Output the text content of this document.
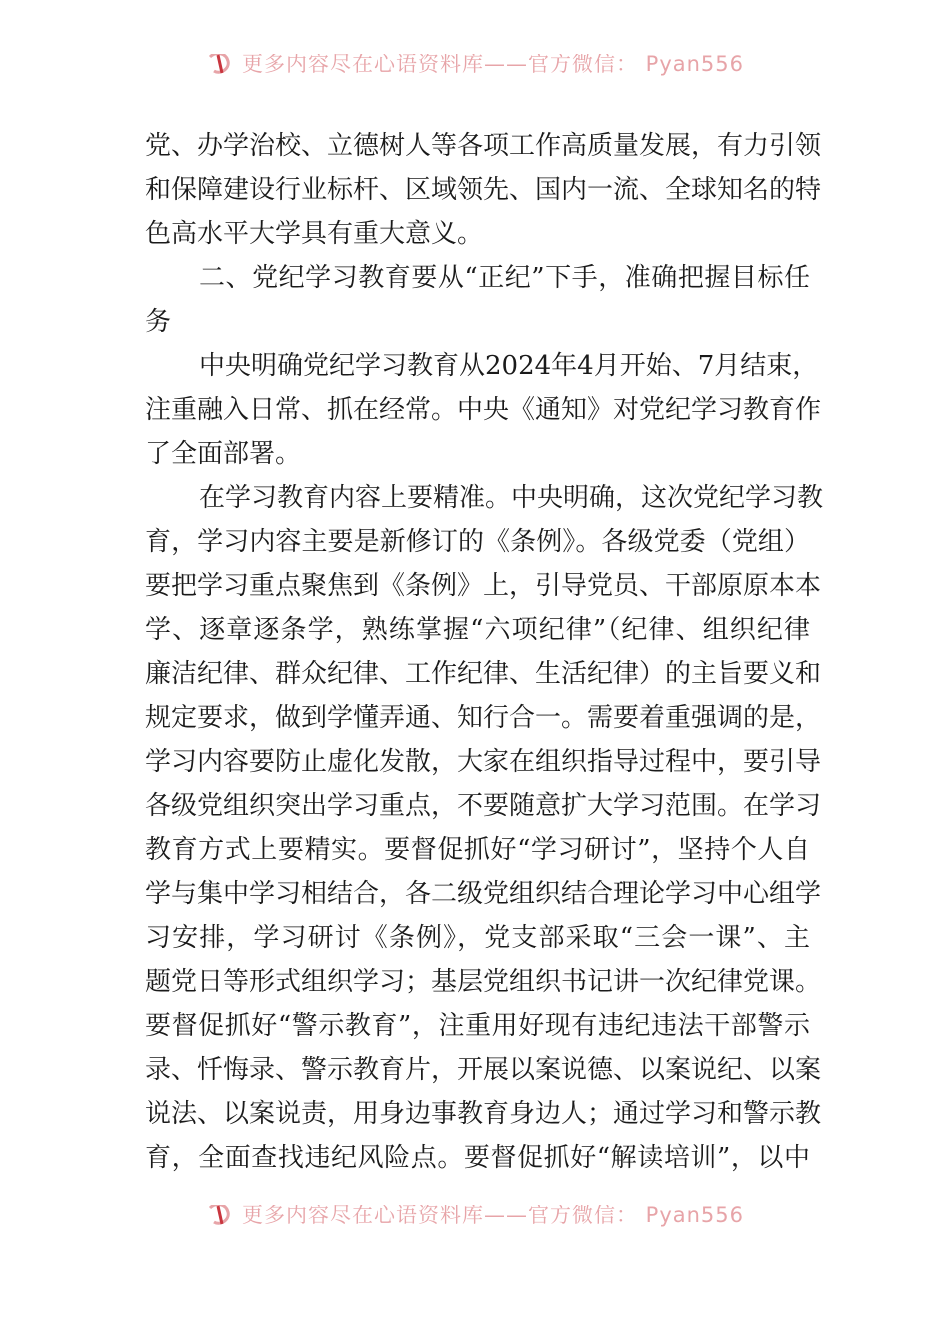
更多内容尽在心语资料库——官方微信： Pyan556
党、办学治校、立德树人等各项工作高质量发展，有力引领
和保障建设行业标杆、区域领先、国内一流、全球知名的特
色高水平大学具有重大意义。
二、党纪学习教育要从“正纪”下手，准确把握目标任
务
中央明确党纪学习教育从2024年4月开始、7月结束，
注重融入日常、抓在经常。中央《通知》对党纪学习教育作
了全面部署。
在学习教育内容上要精准。中央明确，这次党纪学习教
育，学习内容主要是新修订的《条例》。各级党委（党组）
要把学习重点聚焦到《条例》上，引导党员、干部原原本本
学、逐章逐条学，熟练掌握“六项纪律”（纪律、组织纪律
廉洁纪律、群众纪律、工作纪律、生活纪律）的主旨要义和
规定要求，做到学懂弄通、知行合一。需要着重强调的是，
学习内容要防止虚化发散，大家在组织指导过程中，要引导
各级党组织突出学习重点，不要随意扩大学习范围。在学习
教育方式上要精实。要督促抓好“学习研讨”，坚持个人自
学与集中学习相结合，各二级党组织结合理论学习中心组学
习安排，学习研讨《条例》，党支部采取“三会一课”、主
题党日等形式组织学习；基层党组织书记讲一次纪律党课。
要督促抓好“警示教育”，注重用好现有违纪违法干部警示
录、忏悔录、警示教育片，开展以案说德、以案说纪、以案
说法、以案说责，用身边事教育身边人；通过学习和警示教
育，全面查找违纪风险点。要督促抓好“解读培训”，以中
更多内容尽在心语资料库——官方微信： Pyan556
